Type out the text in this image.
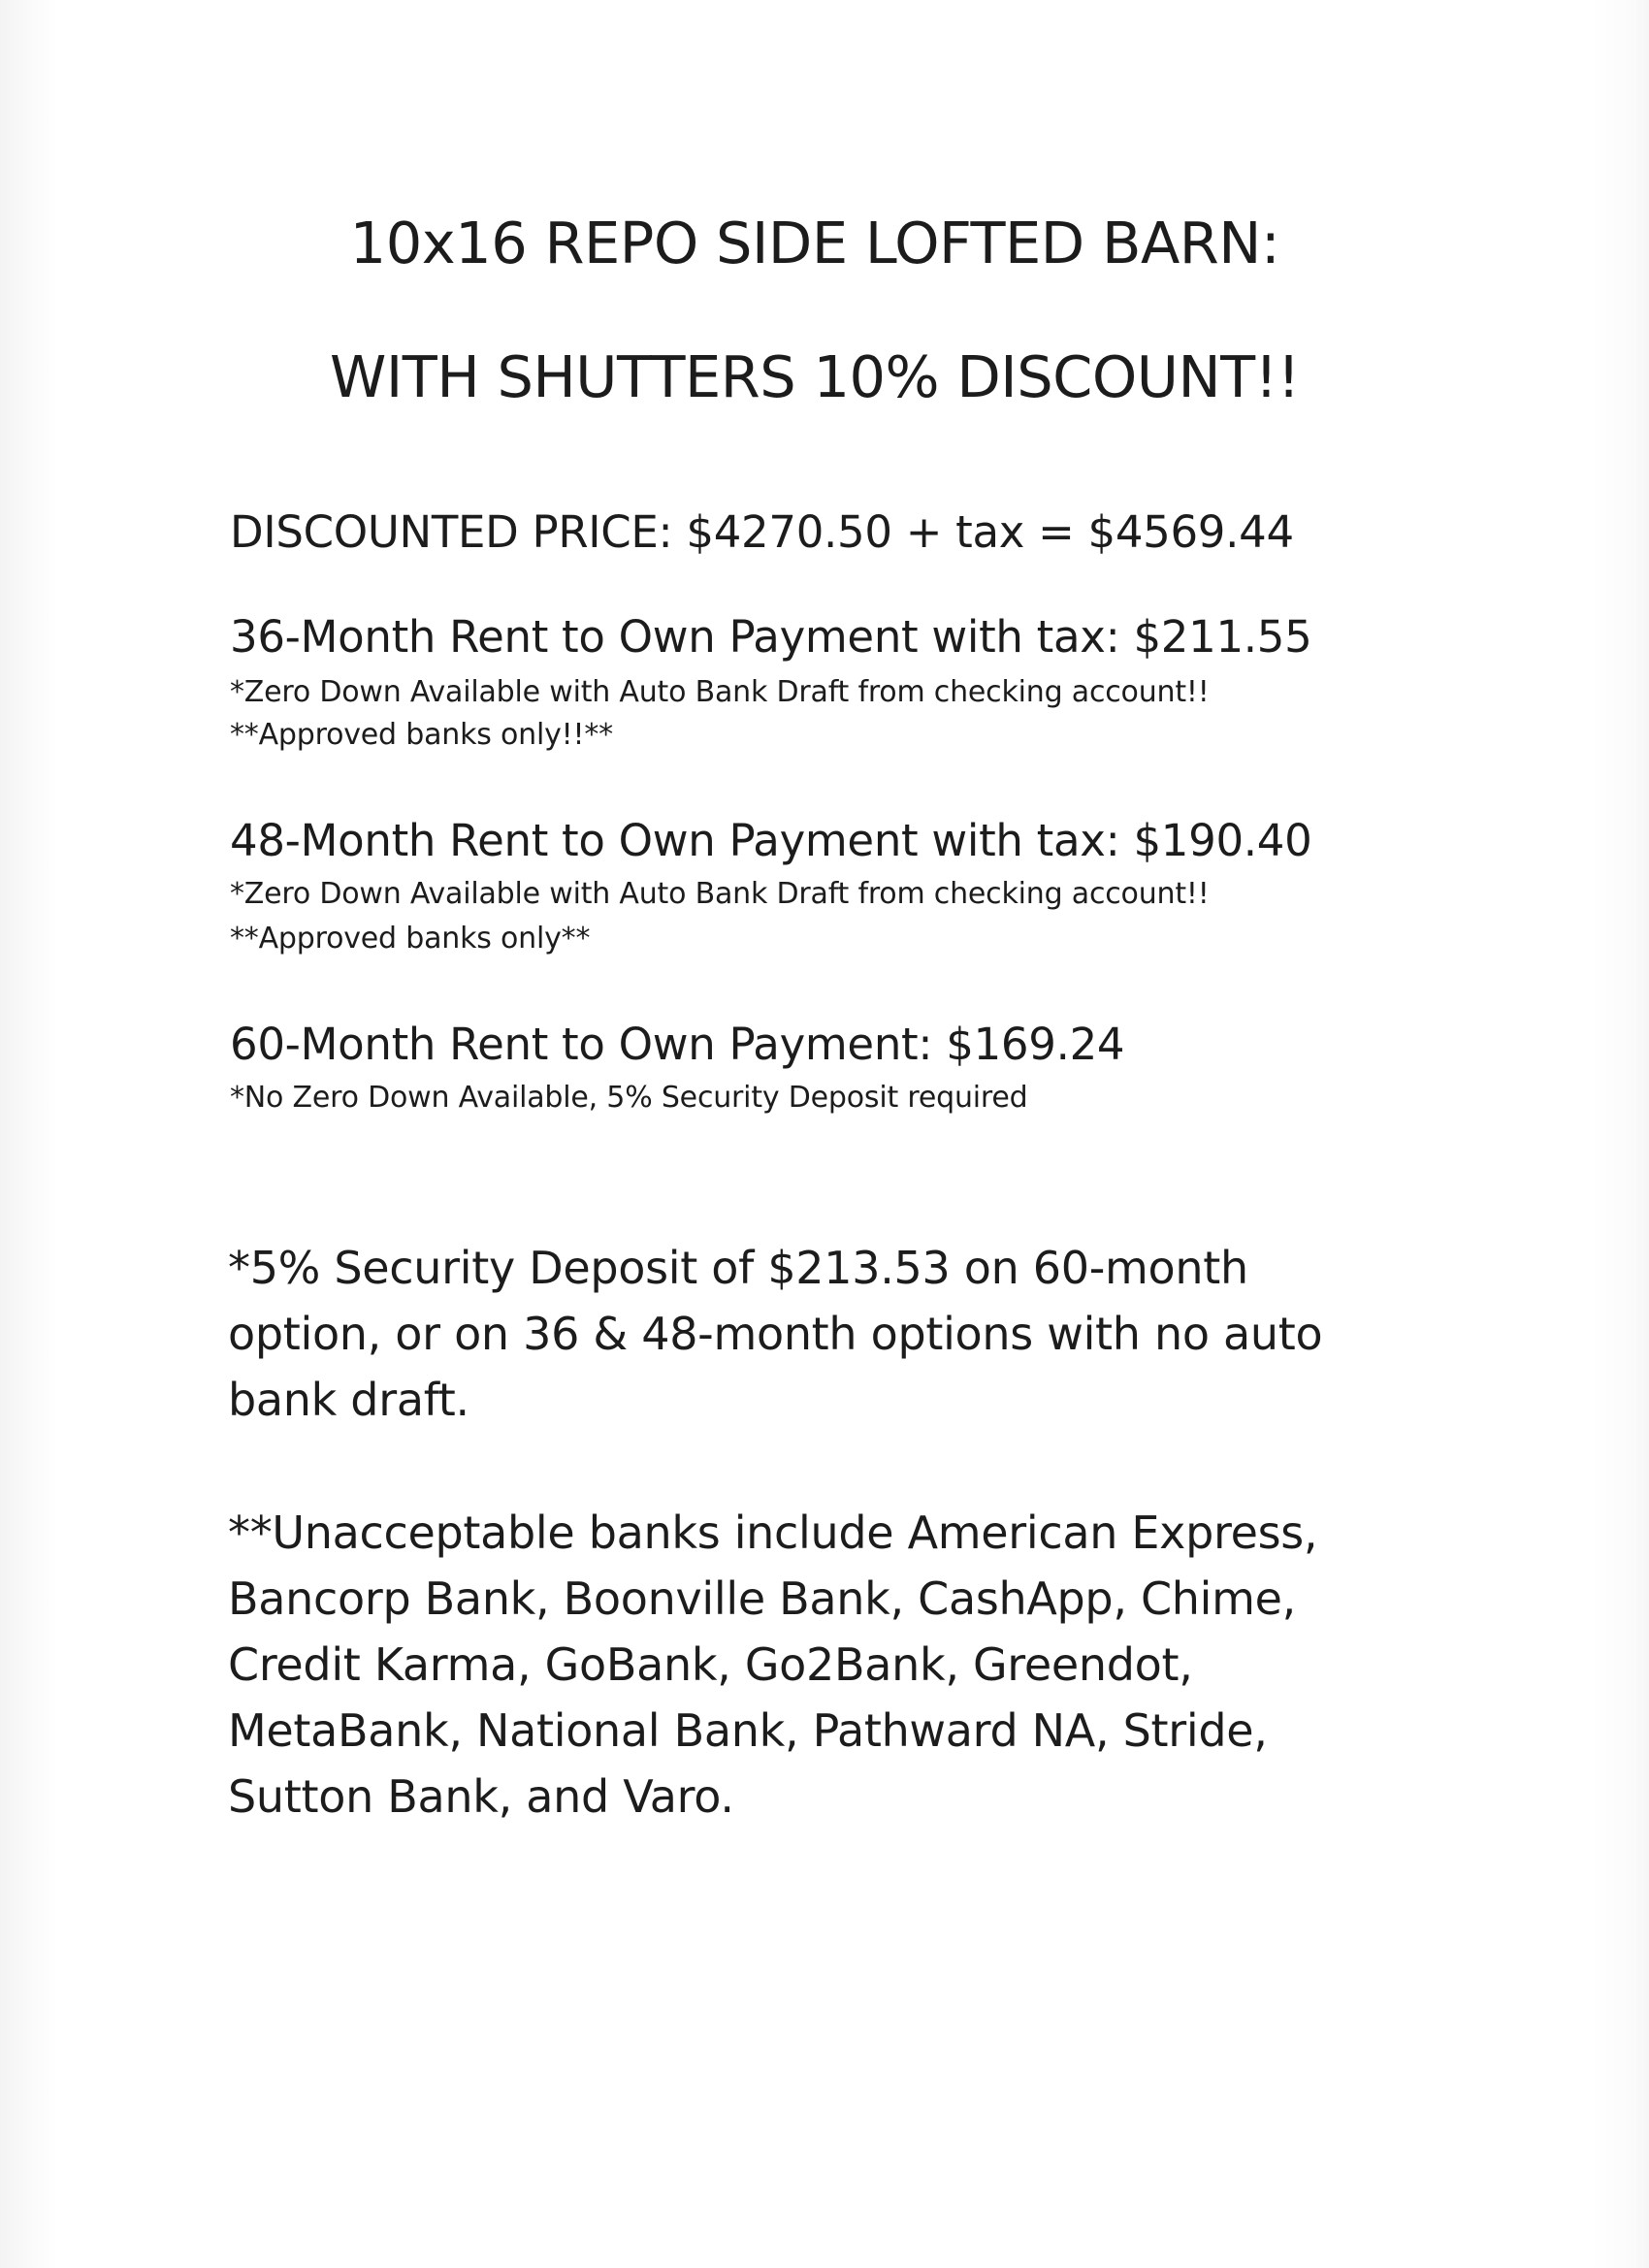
10x16 REPO SIDE LOFTED BARN:
WITH SHUTTERS 10% DISCOUNT!!
DISCOUNTED PRICE: $4270.50 + tax = $4569.44
36-Month Rent to Own Payment with tax: $211.55
*Zero Down Available with Auto Bank Draft from checking account!!
**Approved banks only!!**
48-Month Rent to Own Payment with tax: $190.40
*Zero Down Available with Auto Bank Draft from checking account!!
**Approved banks only**
60-Month Rent to Own Payment: $169.24
*No Zero Down Available, 5% Security Deposit required
*5% Security Deposit of $213.53 on 60-month
option, or on 36 & 48-month options with no auto
bank draft.
**Unacceptable banks include American Express,
Bancorp Bank, Boonville Bank, CashApp, Chime,
Credit Karma, GoBank, Go2Bank, Greendot,
MetaBank, National Bank, Pathward NA, Stride,
Sutton Bank, and Varo.
